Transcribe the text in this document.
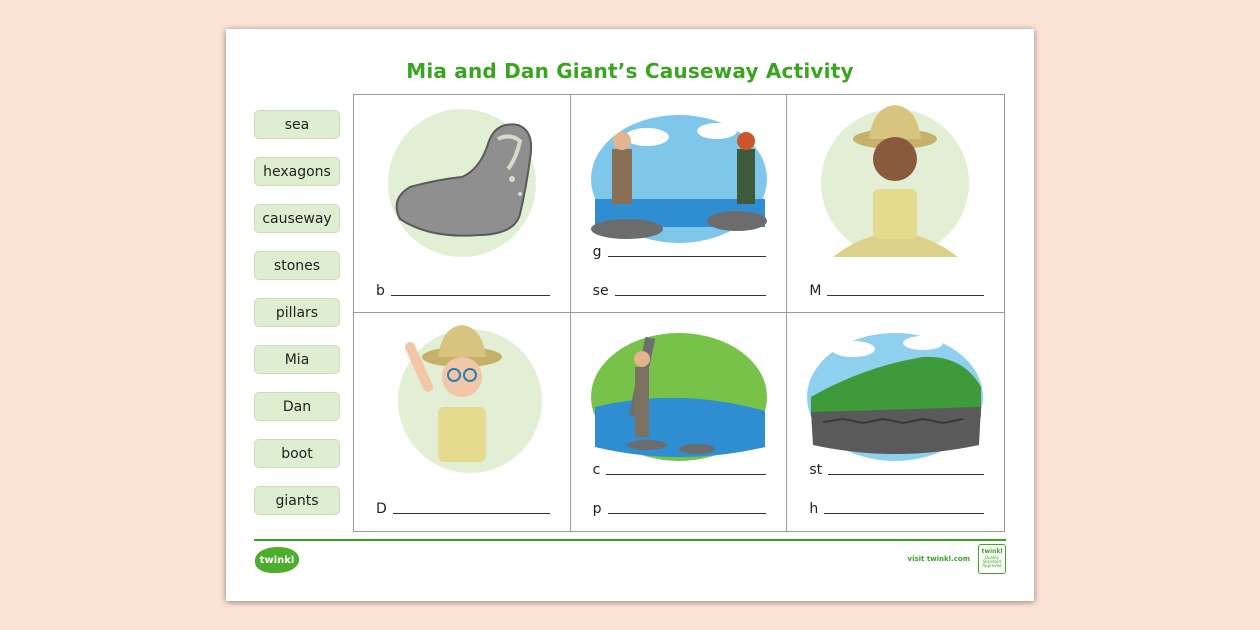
Mia and Dan Giant’s Causeway Activity
sea
hexagons
causeway
stones
pillars
Mia
Dan
boot
giants
b
g
se	M
D
c
p
st
h
twinkl	visit twinkl.com
twinkl
Quality Standard Approved
